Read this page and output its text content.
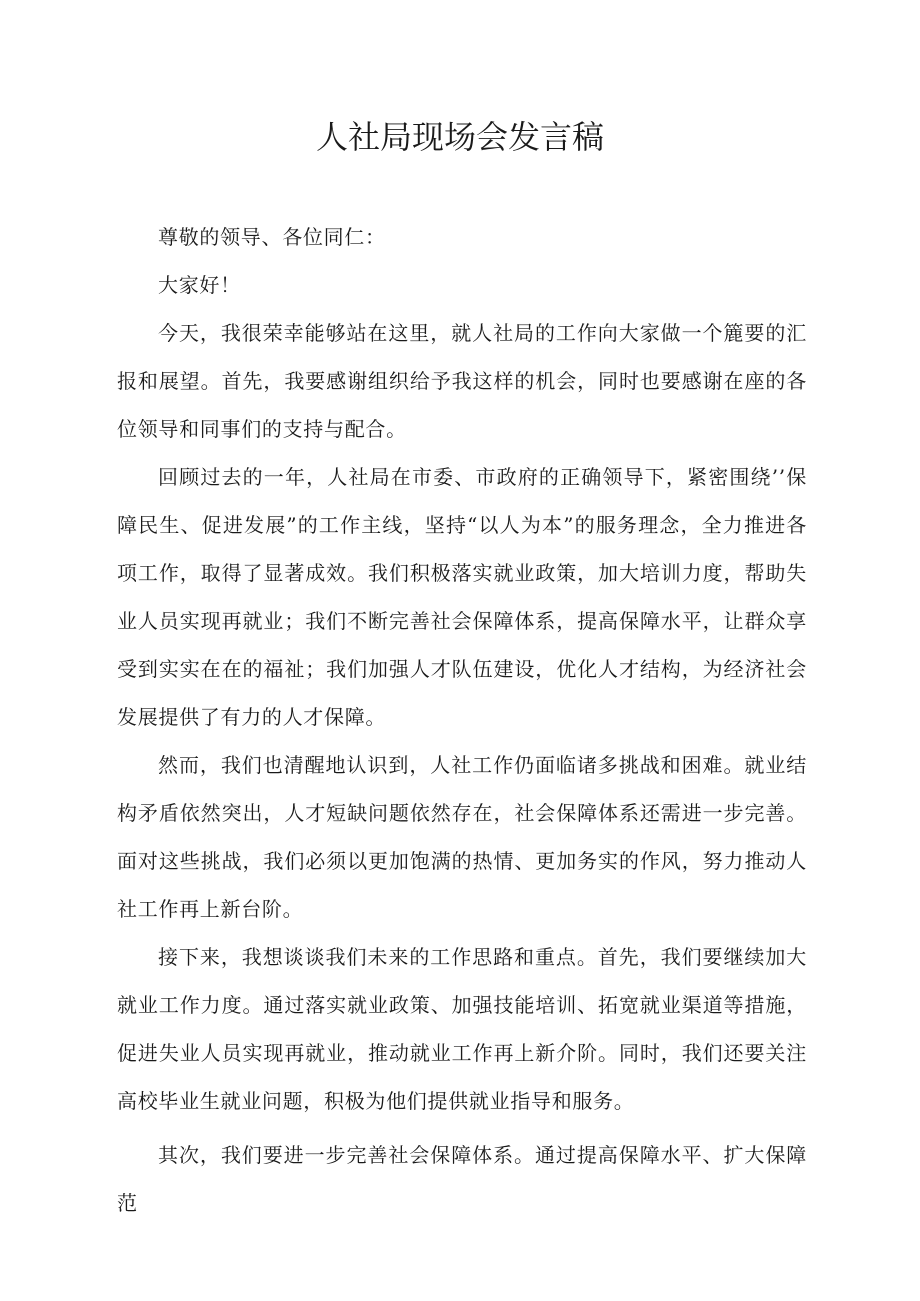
人社局现场会发言稿

尊敬的领导、各位同仁：

大家好！

今天，我很荣幸能够站在这里，就人社局的工作向大家做一个簏要的汇报和展望。首先，我要感谢组织给予我这样的机会，同时也要感谢在座的各位领导和同事们的支持与配合。

回顾过去的一年，人社局在市委、市政府的正确领导下，紧密围绕’’保障民生、促进发展”的工作主线，坚持“以人为本”的服务理念，全力推进各项工作，取得了显著成效。我们积极落实就业政策，加大培训力度，帮助失业人员实现再就业；我们不断完善社会保障体系，提高保障水平，让群众享受到实实在在的福祉；我们加强人才队伍建设，优化人才结构，为经济社会发展提供了有力的人才保障。

然而，我们也清醒地认识到，人社工作仍面临诸多挑战和困难。就业结构矛盾依然突出，人才短缺问题依然存在，社会保障体系还需进一步完善。面对这些挑战，我们必须以更加饱满的热情、更加务实的作风，努力推动人社工作再上新台阶。

接下来，我想谈谈我们未来的工作思路和重点。首先，我们要继续加大就业工作力度。通过落实就业政策、加强技能培训、拓宽就业渠道等措施，促进失业人员实现再就业，推动就业工作再上新介阶。同时，我们还要关注高校毕业生就业问题，积极为他们提供就业指导和服务。

其次，我们要进一步完善社会保障体系。通过提高保障水平、扩大保障范
